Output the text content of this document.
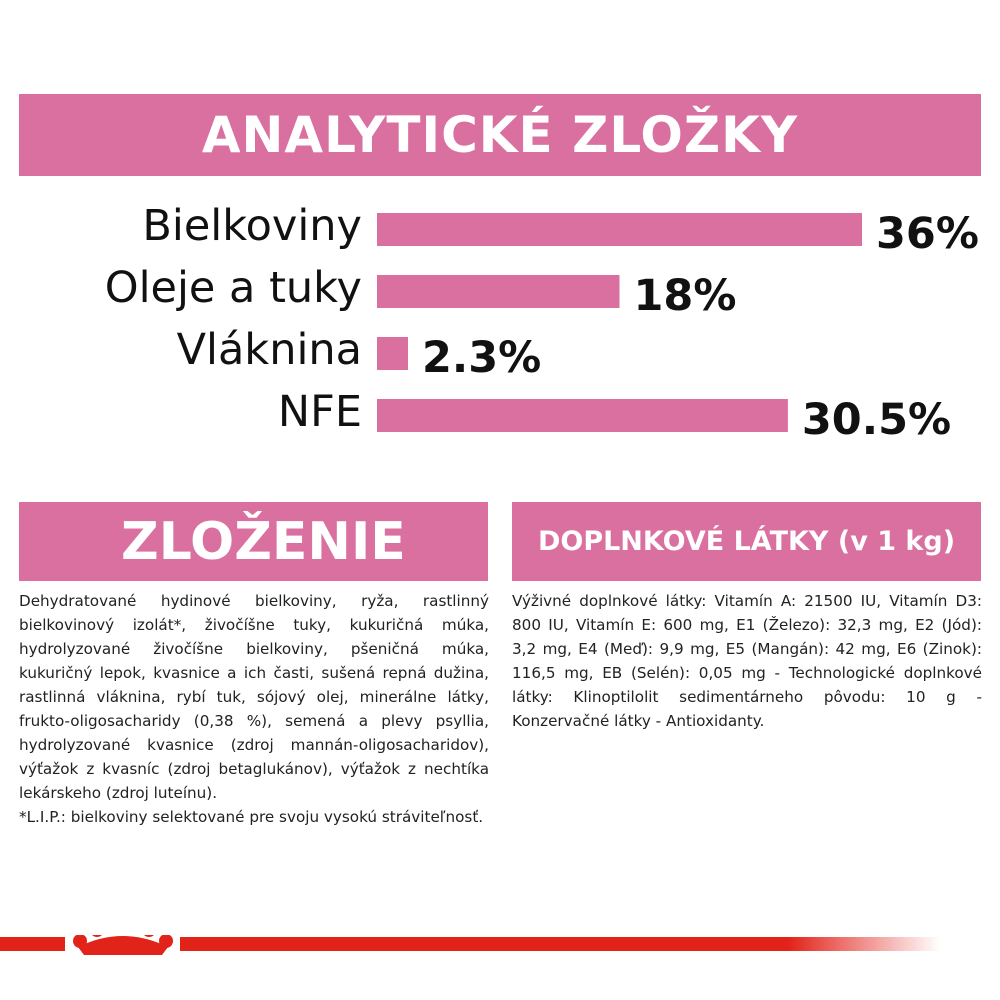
ANALYTICKÉ ZLOŽKY
Bielkoviny	36%
Oleje a tuky	18%
Vláknina 2.3%
NFE	30.5%
ZLOŽENIE	DOPLNKOVÉ LÁTKY (v 1 kg)

Dehydratované hydinové bielkoviny, ryža, rastlinný bielkovinový izolát*, živočíšne tuky, kukuričná múka, hydrolyzované živočíšne bielkoviny, pšeničná múka, kukuričný lepok, kvasnice a ich časti, sušená repná dužina, rastlinná vláknina, rybí tuk, sójový olej, minerálne látky, frukto-oligosacharidy (0,38 %), semená a plevy psyllia, hydrolyzované kvasnice (zdroj mannán-oligosacharidov), výťažok z kvasníc (zdroj betaglukánov), výťažok z nechtíka lekárskeho (zdroj luteínu).

*L.I.P.: bielkoviny selektované pre svoju vysokú stráviteľnosť.

Výživné doplnkové látky: Vitamín A: 21500 IU, Vitamín D3: 800 IU, Vitamín E: 600 mg, E1 (Železo): 32,3 mg, E2 (Jód): 3,2 mg, E4 (Meď): 9,9 mg, E5 (Mangán): 42 mg, E6 (Zinok): 116,5 mg, EB (Selén): 0,05 mg - Technologické doplnkové látky: Klinoptilolit sedimentárneho pôvodu: 10 g - Konzervačné látky - Antioxidanty.
